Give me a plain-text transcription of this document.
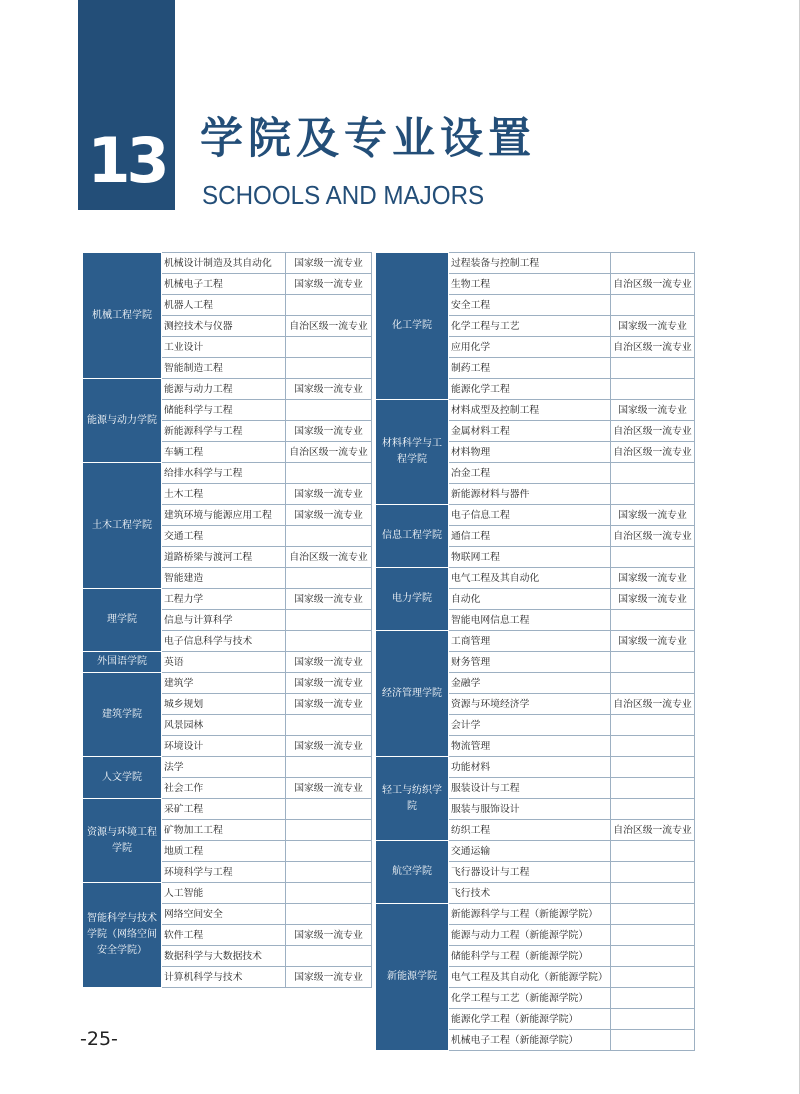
13 学院及专业设置
SCHOOLS AND MAJORS
机械工程学院	机械设计制造及其自动化	国家级一流专业
	机械电子工程	国家级一流专业
	机器人工程	
	测控技术与仪器	自治区级一流专业
	工业设计	
	智能制造工程	
能源与动力学院	能源与动力工程	国家级一流专业
	储能科学与工程	
	新能源科学与工程	国家级一流专业
	车辆工程	自治区级一流专业
土木工程学院	给排水科学与工程	
	土木工程	国家级一流专业
	建筑环境与能源应用工程	国家级一流专业
	交通工程	
	道路桥梁与渡河工程	自治区级一流专业
	智能建造	
理学院	工程力学	国家级一流专业
	信息与计算科学	
	电子信息科学与技术	
外国语学院	英语	国家级一流专业
建筑学院	建筑学	国家级一流专业
	城乡规划	国家级一流专业
	风景园林	
	环境设计	国家级一流专业
人文学院	法学	
	社会工作	国家级一流专业
资源与环境工程学院	采矿工程	
	矿物加工工程	
	地质工程	
	环境科学与工程	
智能科学与技术学院（网络空间安全学院）	人工智能	
	网络空间安全	
	软件工程	国家级一流专业
	数据科学与大数据技术	
	计算机科学与技术	国家级一流专业
化工学院	过程装备与控制工程	
	生物工程	自治区级一流专业
	安全工程	
	化学工程与工艺	国家级一流专业
	应用化学	自治区级一流专业
	制药工程	
	能源化学工程	
材料科学与工程学院	材料成型及控制工程	国家级一流专业
	金属材料工程	自治区级一流专业
	材料物理	自治区级一流专业
	冶金工程	
	新能源材料与器件	
信息工程学院	电子信息工程	国家级一流专业
	通信工程	自治区级一流专业
	物联网工程	
电力学院	电气工程及其自动化	国家级一流专业
	自动化	国家级一流专业
	智能电网信息工程	
经济管理学院	工商管理	国家级一流专业
	财务管理	
	金融学	
	资源与环境经济学	自治区级一流专业
	会计学	
	物流管理	
轻工与纺织学院	功能材料	
	服装设计与工程	
	服装与服饰设计	
	纺织工程	自治区级一流专业
航空学院	交通运输	
	飞行器设计与工程	
	飞行技术	
新能源学院	新能源科学与工程（新能源学院）	
	能源与动力工程（新能源学院）	
	储能科学与工程（新能源学院）	
	电气工程及其自动化（新能源学院）	
	化学工程与工艺（新能源学院）	
	能源化学工程（新能源学院）	
	机械电子工程（新能源学院）	
-25-
